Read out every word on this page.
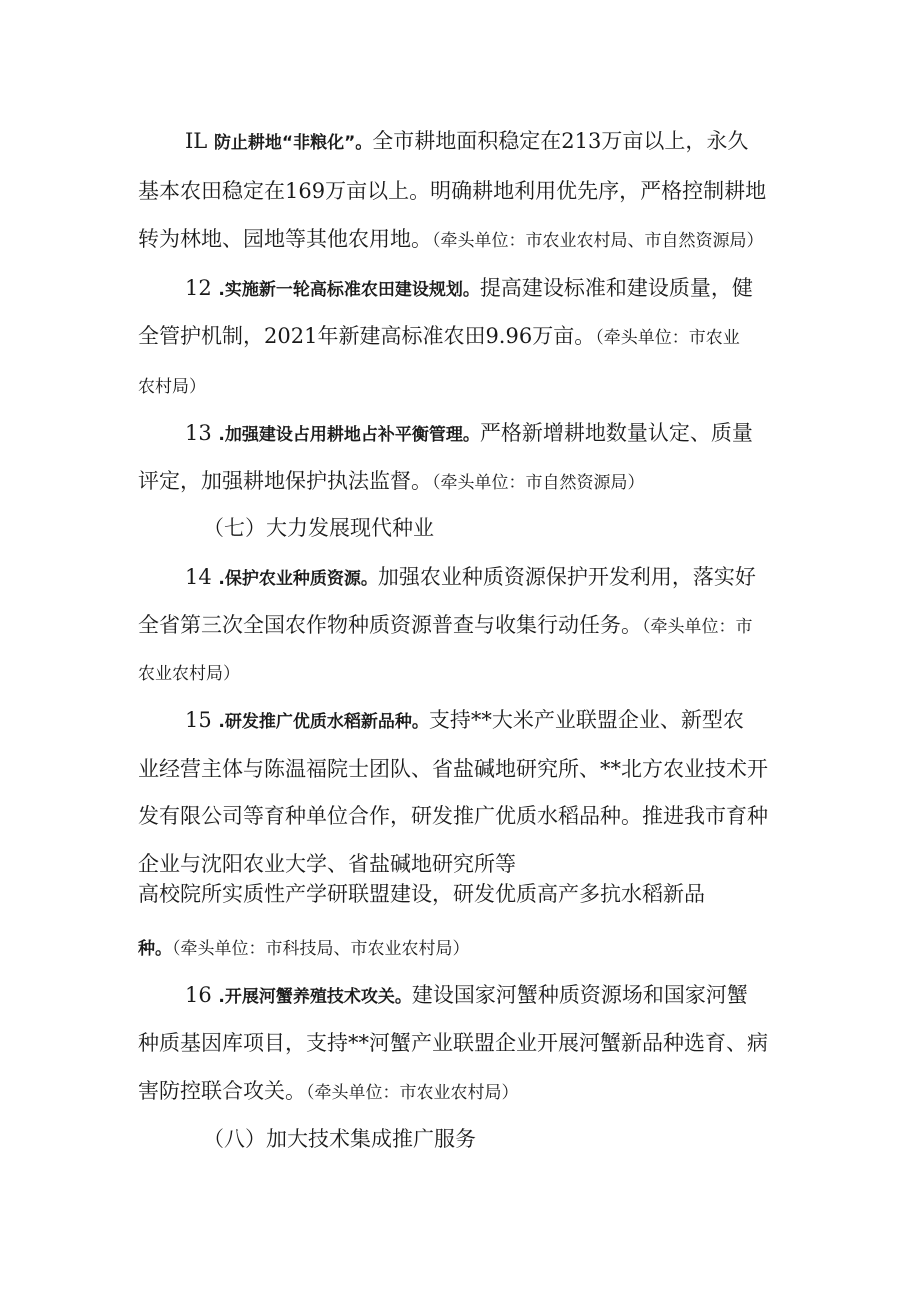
IL 防止耕地“非粮化”。全市耕地面积稳定在213万亩以上，永久
基本农田稳定在169万亩以上。明确耕地利用优先序，严格控制耕地
转为林地、园地等其他农用地。（牵头单位：市农业农村局、市自然资源局）
12 .实施新一轮高标准农田建设规划。提高建设标准和建设质量，健
全管护机制，2021年新建高标准农田9.96万亩。（牵头单位：市农业
农村局）
13 .加强建设占用耕地占补平衡管理。严格新增耕地数量认定、质量
评定，加强耕地保护执法监督。（牵头单位：市自然资源局）
（七）大力发展现代种业
14 .保护农业种质资源。加强农业种质资源保护开发利用，落实好
全省第三次全国农作物种质资源普查与收集行动任务。（牵头单位：市
农业农村局）
15 .研发推广优质水稻新品种。支持**大米产业联盟企业、新型农
业经营主体与陈温福院士团队、省盐碱地研究所、**北方农业技术开
发有限公司等育种单位合作，研发推广优质水稻品种。推进我市育种
企业与沈阳农业大学、省盐碱地研究所等
高校院所实质性产学研联盟建设，研发优质高产多抗水稻新品
种。（牵头单位：市科技局、市农业农村局）
16 .开展河蟹养殖技术攻关。建设国家河蟹种质资源场和国家河蟹
种质基因库项目，支持**河蟹产业联盟企业开展河蟹新品种选育、病
害防控联合攻关。（牵头单位：市农业农村局）
（八）加大技术集成推广服务
